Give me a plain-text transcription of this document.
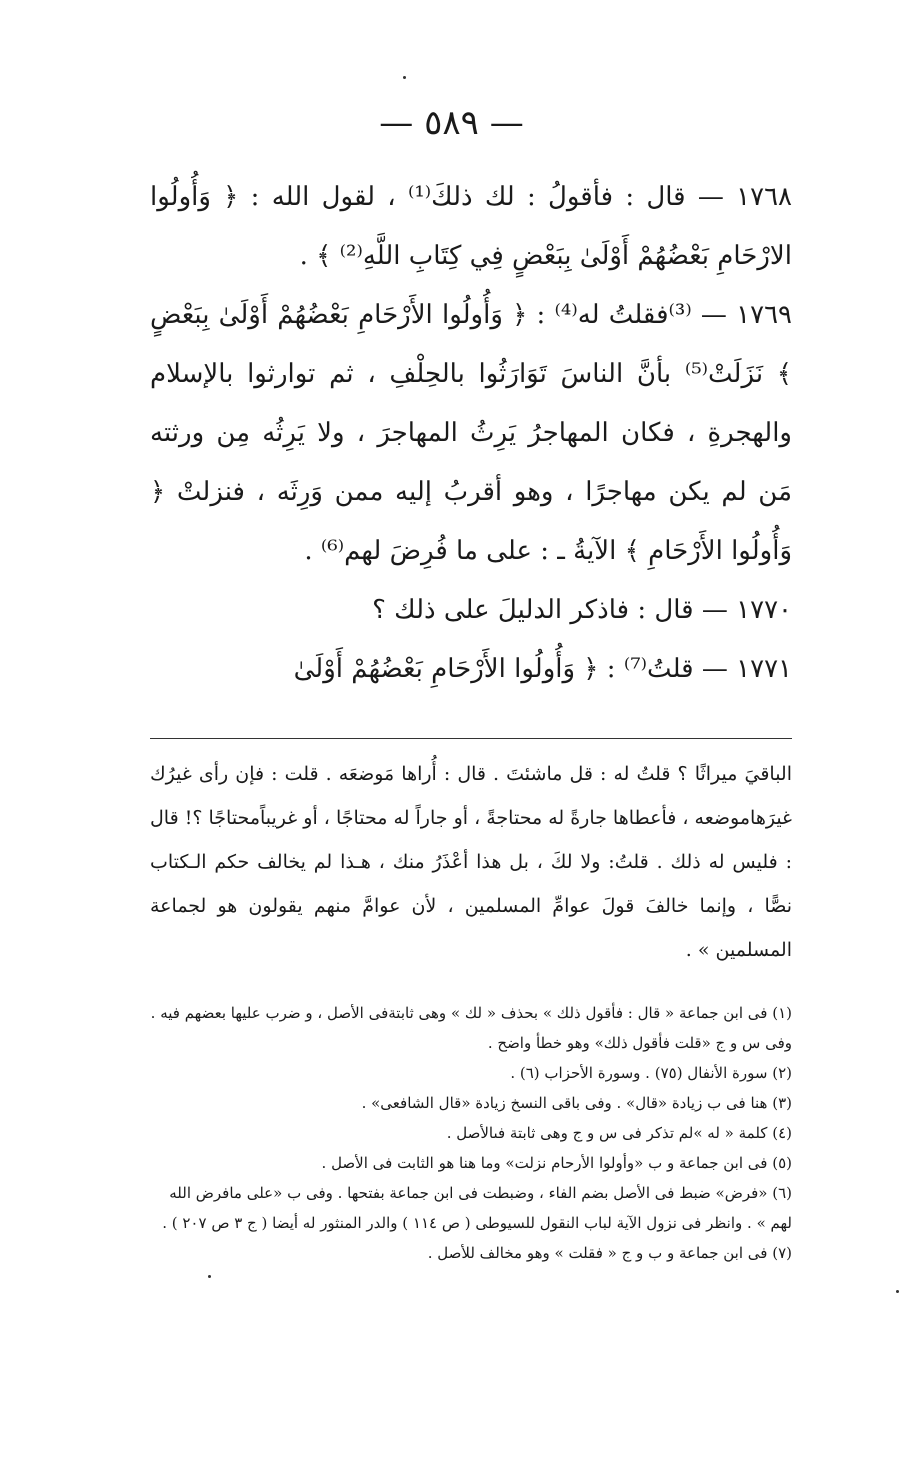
— ٥٨٩ —

١٧٦٨ — قال : فأقولُ : لك ذلكَ⁽¹⁾ ، لقول الله : ﴿ وَأُولُوا الارْحَامِ بَعْضُهُمْ أَوْلَىٰ بِبَعْضٍ فِي كِتَابِ اللَّهِ⁽²⁾ ﴾ .

١٧٦٩ — ⁽³⁾فقلتُ له⁽⁴⁾ : ﴿ وَأُولُوا الأَرْحَامِ بَعْضُهُمْ أَوْلَىٰ بِبَعْضٍ ﴾ نَزَلَتْ⁽⁵⁾ بأنَّ الناسَ تَوَارَثُوا بالحِلْفِ ، ثم توارثوا بالإسلام والهجرةِ ، فكان المهاجرُ يَرِثُ المهاجرَ ، ولا يَرِثُه مِن ورثته مَن لم يكن مهاجرًا ، وهو أقربُ إليه ممن وَرِثَه ، فنزلتْ ﴿ وَأُولُوا الأَرْحَامِ ﴾ الآيةُ ـ : على ما فُرِضَ لهم⁽⁶⁾ .

١٧٧٠ — قال : فاذكر الدليلَ على ذلك ؟

١٧٧١ — قلتُ⁽⁷⁾ : ﴿ وَأُولُوا الأَرْحَامِ بَعْضُهُمْ أَوْلَىٰ

الباقيَ ميراثًا ؟ قلتُ له : قل ماشئتَ . قال : أُراها مَوضعَه . قلت : فإن رأى غيرُك غيرَهاموضعه ، فأعطاها جارةً له محتاجةً ، أو جاراً له محتاجًا ، أو غريباًمحتاجًا ؟! قال : فليس له ذلك . قلتُ: ولا لكَ ، بل هذا أعْذَرُ منك ، هـذا لم يخالف حكم الـكتاب نصًّا ، وإنما خالفَ قولَ عوامِّ المسلمين ، لأن عوامَّ منهم يقولون هو لجماعة المسلمين » .

(١) فى ابن جماعة « قال : فأقول ذلك » بحذف « لك » وهى ثابتةفى الأصل ، و ضرب عليها بعضهم فيه . وفى س و ج «قلت فأقول ذلك» وهو خطأ واضح .

(٢) سورة الأنفال (٧٥) . وسورة الأحزاب (٦) .

(٣) هنا فى ب زيادة «قال» . وفى باقى النسخ زيادة «قال الشافعى» .

(٤) كلمة « له »لم تذكر فى س و ج وهى ثابتة فىالأصل .

(٥) فى ابن جماعة و ب «وأولوا الأرحام نزلت» وما هنا هو الثابت فى الأصل .

(٦) «فرض» ضبط فى الأصل بضم الفاء ، وضبطت فى ابن جماعة بفتحها . وفى ب «على مافرض الله لهم » . وانظر فى نزول الآية لباب النقول للسيوطى ( ص ١١٤ ) والدر المنثور له أيضا ( ج ٣ ص ٢٠٧ ) .

(٧) فى ابن جماعة و ب و ج « فقلت » وهو مخالف للأصل .
